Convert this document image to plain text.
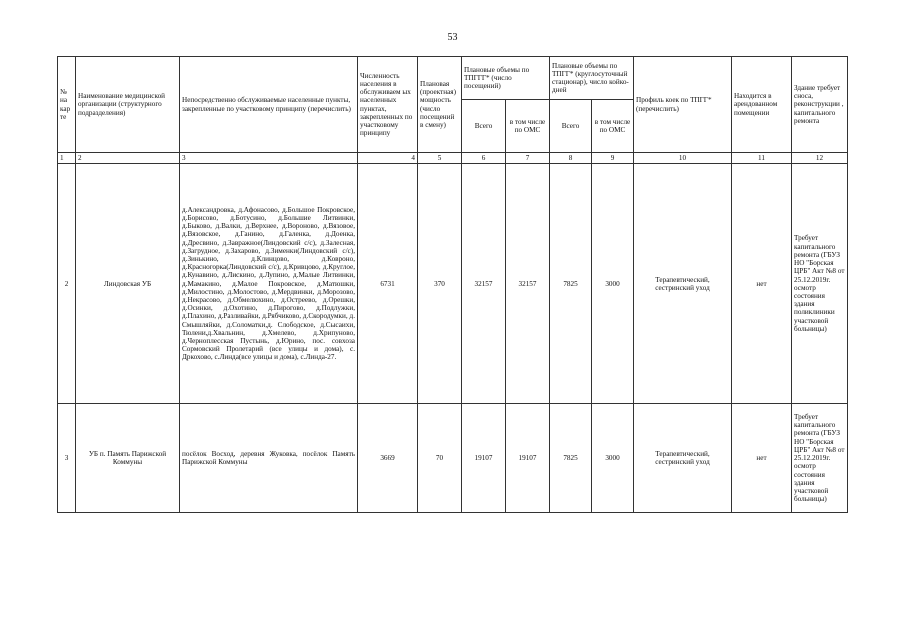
53
№ на кар те	Наименование медицинской организации (структурного подразделения)	Непосредственно обслуживаемые населенные пункты, закрепленные по участковому принципу (перечислить)	Численность населения в обслуживаем ых населенных пунктах, закрепленных по участковому принципу	Плановая (проектная) мощность (число посещений в смену)	Плановые объемы по ТПГГГ* (число посещений)		Плановые объемы по ТПГГ* (круглосуточный стационар), число койко-дней		Профиль коек по ТПГГ* (перечислить)	Находится в арендованном помещении	Здание требует сноса, реконструкции , капитального ремонта
					Всего	в том числе по ОМС	Всего	в том числе по ОМС			
1	2	3	4	5	6	7	8	9	10	11	12
2	Линдовская УБ	д.Александровка, д.Афонасово, д.Большое Покровское, д.Борисово, д.Ботусино, д.Большие Литвинки, д.Быково, д.Валки, д.Верхнее, д.Вороново, д.Вязовое, д.Вязовское, д.Ганино, д.Галенка, д.Доенка, д.Дресвино, д.Завражное(Линдовский с/с), д.Залесная, д.Загрудное, д.Захарово, д.Зименки(Линдовский с/с), д.Зинькино, д.Клинцово, д.Ковроно, д.Красногорка(Линдовский с/с), д.Кривцово, д.Круглое, д.Кунавино, д.Лискино, д.Лупино, д.Малые Литвинки, д.Мамакино, д.Малое Покровское, д.Матюшки, д.Милостино, д.Молостово, д.Мердвинки, д.Морозово, д.Некрасово, д.Обмелюхино, д.Остреево, д.Орешки, д.Осинки, д.Охотино, д.Пирогово, д.Подлужки, д.Плахино, д.Разливайки, д.Рябчиково, д.Скородумки, д. Смышляйки, д.Соломатки,д. Слободское, д.Сысаихи, Тюлени,д.Хвальнин, д.Хмелево, д.Хрипуново, д.Черноплесская Пустынь, д.Юрино, пос. совхоза Сормовский Пролетарий (все улицы и дома), с. Дркохово, с.Линда(все улицы и дома), с.Линда-27.	6731	370	32157	32157	7825	3000	Терапевтический, сестринский уход	нет	Требует капитального ремонта (ГБУЗ НО "Борская ЦРБ" Акт №8 от 25.12.2019г. осмотр состояния здания поликлиники участковой больницы)
3	УБ п. Память Парижской Коммуны	посёлок Восход, деревня Жуковка, посёлок Память Парижской Коммуны	3669	70	19107	19107	7825	3000	Терапевтический, сестринский уход	нет	Требует капитального ремонта (ГБУЗ НО "Борская ЦРБ" Акт №8 от 25.12.2019г. осмотр состояния здания участковой больницы)
